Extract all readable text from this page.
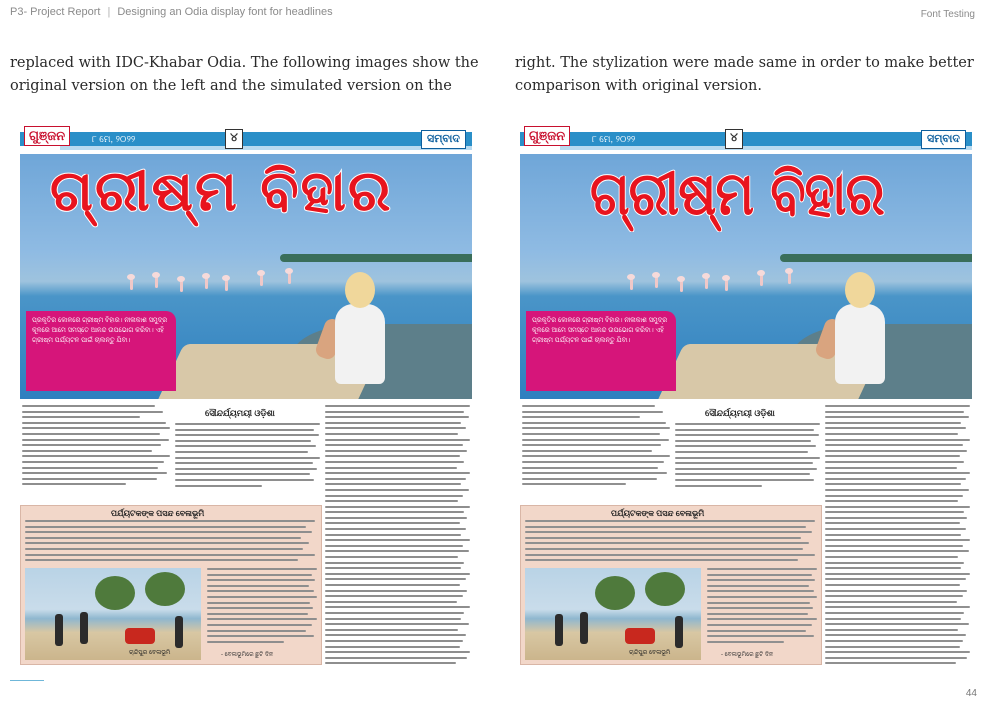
P3- Project Report | Designing an Odia display font for headlines	Font Testing
replaced with IDC-Khabar Odia. The following images show the original version on the left and the simulated version on the
right. The stylization were made same in order to make better comparison with original version.
ଗୁଞ୍ଜନ	୮ ମେ, ୨୦୨୨	୪	ସମ୍ବାଦ
ଗ୍ରୀଷ୍ମ ବିହାର
ପ୍ରକୃତିର କୋଳରେ ଗ୍ରୀଷ୍ମ ବିହାର। ନୀଳାକାଶ ସମୁଦ୍ର କୂଳରେ ଆମେ ସମସ୍ତେ ଆନନ୍ଦ ଉପଭୋଗ କରିବା। ଏହି ଗ୍ରୀଷ୍ମ ପର୍ଯ୍ୟଟନ ପାଇଁ ଚାଲନ୍ତୁ ଯିବା।
ସୌନ୍ଦର୍ଯ୍ୟମୟୀ ଓଡ଼ିଶା
ପର୍ଯ୍ୟଟକଙ୍କ ପସନ୍ଦ ବେଳାଭୂମି
ଚାନ୍ଦିପୁର ବେଳାଭୂମି	- ବେଳାଭୂମିରେ ଛୁଟି ଦିନ
ଗୁଞ୍ଜନ	୮ ମେ, ୨୦୨୨	୪	ସମ୍ବାଦ
ଗ୍ରୀଷ୍ମ ବିହାର
ପ୍ରକୃତିର କୋଳରେ ଗ୍ରୀଷ୍ମ ବିହାର। ନୀଳାକାଶ ସମୁଦ୍ର କୂଳରେ ଆମେ ସମସ୍ତେ ଆନନ୍ଦ ଉପଭୋଗ କରିବା। ଏହି ଗ୍ରୀଷ୍ମ ପର୍ଯ୍ୟଟନ ପାଇଁ ଚାଲନ୍ତୁ ଯିବା।
ସୌନ୍ଦର୍ଯ୍ୟମୟୀ ଓଡ଼ିଶା
ପର୍ଯ୍ୟଟକଙ୍କ ପସନ୍ଦ ବେଳାଭୂମି
ଚାନ୍ଦିପୁର ବେଳାଭୂମି	- ବେଳାଭୂମିରେ ଛୁଟି ଦିନ
44
